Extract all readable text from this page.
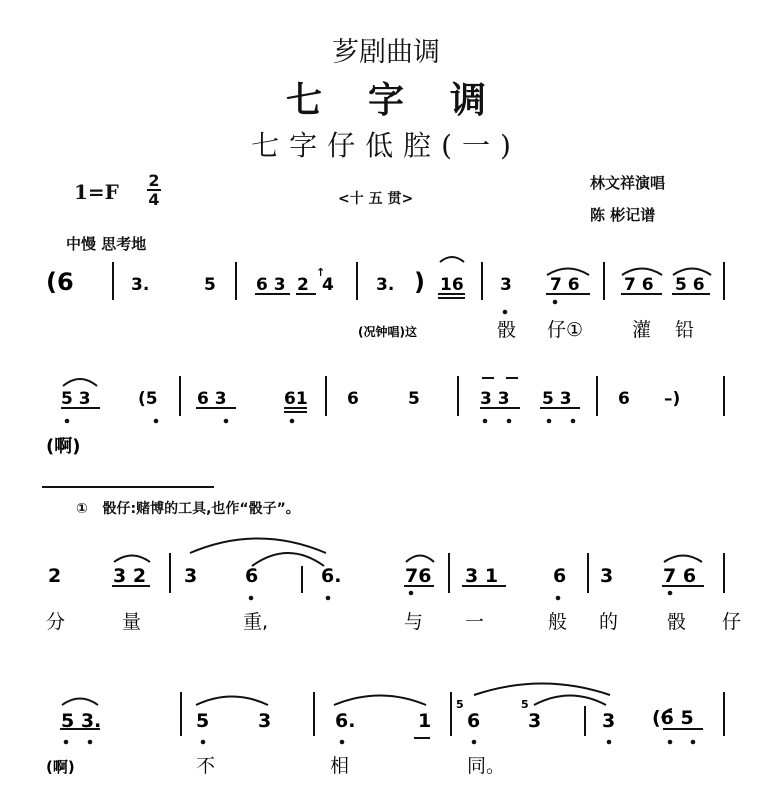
芗剧曲调
七字调
七字仔低腔(一)
1=F 2
4	<十 五 贯>
林文祥演唱
陈 彬记谱
中慢 思考地
① 骰仔:赌博的工具,也作“骰子”。
(6	3.	5 6 3 2
↑
4 3. ) 16 3 7 6	7 6 5 6
(况钟唱)这	骰 仔①	灌 铅
5 3	(5 6 3	61 6	5	3 3 5 3	6 –)
(啊)
2	3 2 3	6	6.	76 3 1	6 3	7 6
分	量	重,	与 一	般 的	骰 仔
5 3.	5	3	6.	1
5
6
5
3	3 (6 5
(啊)	不	相	同。
